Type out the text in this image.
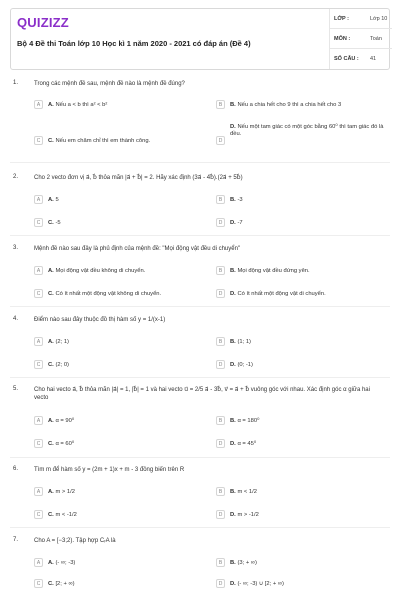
QUIZIZZ
Bộ 4 Đề thi Toán lớp 10 Học kì 1 năm 2020 - 2021 có đáp án (Đề 4)
LỚP :	Lớp 10
MÔN :	Toán
SỐ CÂU : 41
1.	Trong các mệnh đề sau, mệnh đề nào là mệnh đề đúng?
A	A. Nếu a < b thì a² < b²	B	B. Nếu a chia hết cho 9 thì a chia hết cho 3
C	C. Nếu em chăm chỉ thì em thành công.	D
D. Nếu một tam giác có một góc bằng 60⁰ thì tam giác đó là đều.
2.	Cho 2 vecto đơn vị a⃗, b⃗ thỏa mãn |a⃗ + b⃗| = 2. Hãy xác định (3a⃗ - 4b⃗).(2a⃗ + 5b⃗)
A	A. 5	B	B. -3
C	C. -5	D	D. -7
3.	Mệnh đề nào sau đây là phủ định của mệnh đề: "Mọi động vật đều di chuyển"
A	A. Mọi động vật đều không di chuyển.	B	B. Mọi động vật đều đứng yên.
C	C. Có ít nhất một động vật không di chuyển.	D	D. Có ít nhất một động vật di chuyển.
4.	Điểm nào sau đây thuộc đồ thị hàm số y = 1/(x-1)
A	A. (2; 1)	B	B. (1; 1)
C	C. (2; 0)	D	D. (0; -1)
5.	Cho hai vecto a⃗, b⃗ thỏa mãn |a⃗| = 1, |b⃗| = 1 và hai vecto u⃗ = 2/5 a⃗ - 3b⃗, v⃗ = a⃗ + b⃗ vuông góc với nhau. Xác định góc α giữa hai vecto
A	A. α = 90⁰	B	B. α = 180⁰
C	C. α = 60⁰	D	D. α = 45⁰
6.	Tìm m để hàm số y = (2m + 1)x + m - 3 đồng biến trên R
A	A. m > 1/2	B	B. m < 1/2
C	C. m < -1/2	D	D. m > -1/2
7.	Cho A = [−3;2). Tập hợp CᵣA là
A	A. (- ∞; -3)	B	B. (3; + ∞)
C	C. [2; + ∞)	D	D. (- ∞; -3) ∪ [2; + ∞)
